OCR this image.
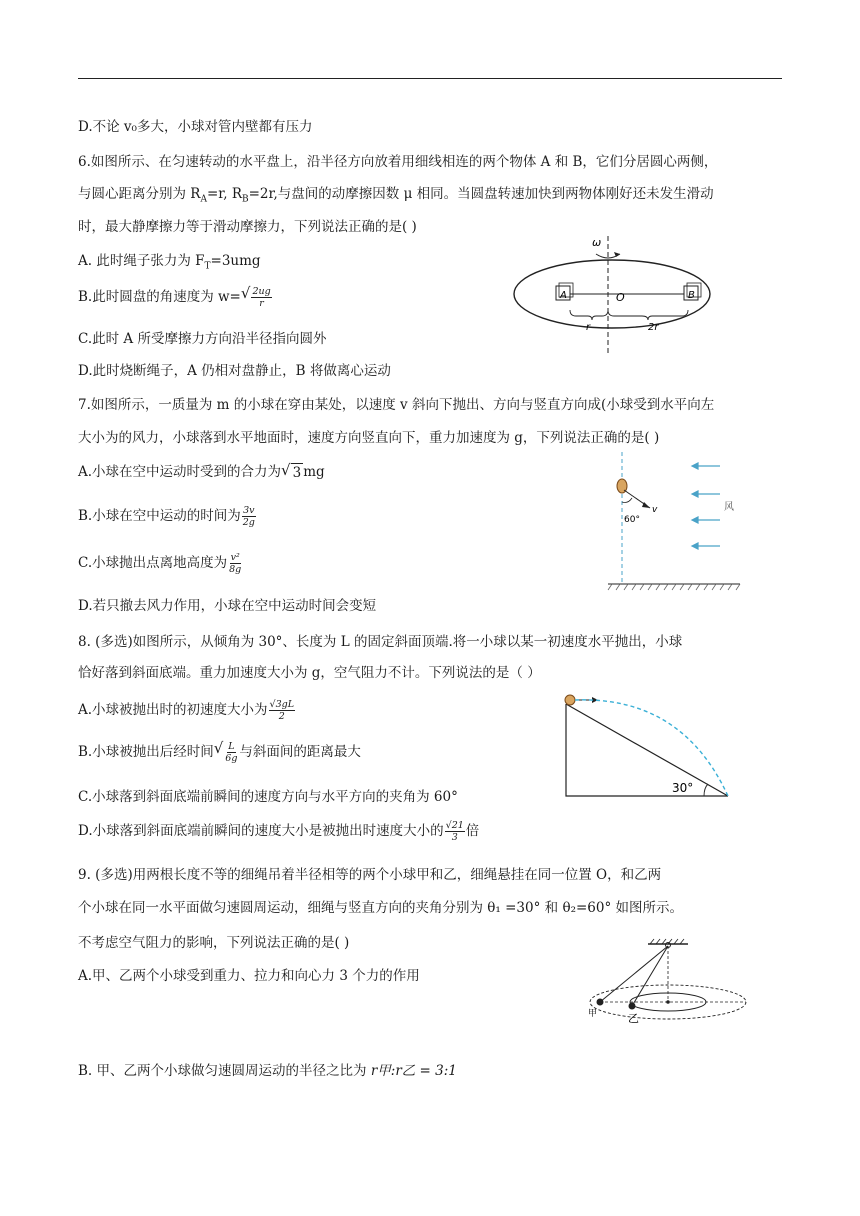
D.不论 v₀多大，小球对管内壁都有压力
6.如图所示、在匀速转动的水平盘上，沿半径方向放着用细线相连的两个物体 A 和 B，它们分居圆心两侧，
与圆心距离分别为 $R_A=r$, $R_B=2r$,与盘间的动摩擦因数 μ 相同。当圆盘转速加快到两物体刚好还未发生滑动
时，最大静摩擦力等于滑动摩擦力，下列说法正确的是( )
A. 此时绳子张力为 $F_T=3umg$
B.此时圆盘的角速度为 w= √ $\frac{2ug}{r}$
C.此时 A 所受摩擦力方向沿半径指向圆外
D.此时烧断绳子，A 仍相对盘静止，B 将做离心运动
ω
A	B
O
r	2r
7.如图所示，一质量为 m 的小球在穿由某处，以速度 v 斜向下抛出、方向与竖直方向成(小球受到水平向左
大小为的风力，小球落到水平地面时，速度方向竖直向下，重力加速度为 g，下列说法正确的是( )
A.小球在空中运动时受到的合力为 √ 3 mg
B.小球在空中运动的时间为 $\frac{3v}{2g}$
C.小球抛出点离地高度为 $\frac{\text{v²}}{8g}$
D.若只撤去风力作用，小球在空中运动时间会变短
60°
v	风
8. (多选)如图所示，从倾角为 30°、长度为 L 的固定斜面顶端.将一小球以某一初速度水平抛出，小球
恰好落到斜面底端。重力加速度大小为 g，空气阻力不计。下列说法的是（ ）
A.小球被抛出时的初速度大小为 $\frac{√3gL}{2}$
B.小球被抛出后经时间 √ $\frac{L}{6g}$ 与斜面间的距离最大
C.小球落到斜面底端前瞬间的速度方向与水平方向的夹角为 60°
D.小球落到斜面底端前瞬间的速度大小是被抛出时速度大小的 $\frac{√21}{3}$ 倍
30°
9. (多选)用两根长度不等的细绳吊着半径相等的两个小球甲和乙，细绳悬挂在同一位置 O，和乙两
个小球在同一水平面做匀速圆周运动，细绳与竖直方向的夹角分别为 θ₁ =30° 和 θ₂=60° 如图所示。
不考虑空气阻力的影响，下列说法正确的是( )
A.甲、乙两个小球受到重力、拉力和向心力 3 个力的作用
B. 甲、乙两个小球做匀速圆周运动的半径之比为 r甲:r乙 = 3:1
甲	乙
